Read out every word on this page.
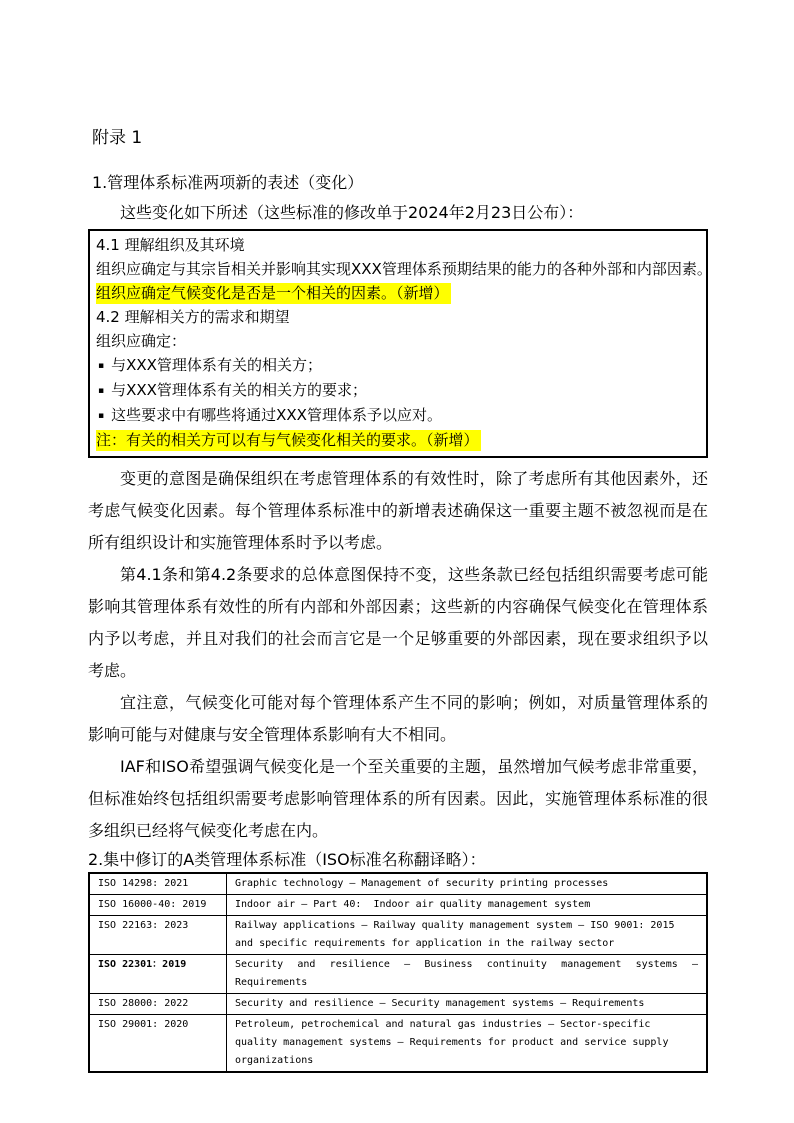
附录 1
1.管理体系标准两项新的表述（变化）

这些变化如下所述（这些标准的修改单于2024年2月23日公布）：

4.1 理解组织及其环境
组织应确定与其宗旨相关并影响其实现XXX管理体系预期结果的能力的各种外部和内部因素。
组织应确定气候变化是否是一个相关的因素。（新增）
4.2 理解相关方的需求和期望
组织应确定：
▪ 与XXX管理体系有关的相关方；
▪ 与XXX管理体系有关的相关方的要求；
▪ 这些要求中有哪些将通过XXX管理体系予以应对。
注：有关的相关方可以有与气候变化相关的要求。（新增）

变更的意图是确保组织在考虑管理体系的有效性时，除了考虑所有其他因素外，还考虑气候变化因素。每个管理体系标准中的新增表述确保这一重要主题不被忽视而是在所有组织设计和实施管理体系时予以考虑。

第4.1条和第4.2条要求的总体意图保持不变，这些条款已经包括组织需要考虑可能影响其管理体系有效性的所有内部和外部因素；这些新的内容确保气候变化在管理体系内予以考虑，并且对我们的社会而言它是一个足够重要的外部因素，现在要求组织予以考虑。

宜注意，气候变化可能对每个管理体系产生不同的影响；例如，对质量管理体系的影响可能与对健康与安全管理体系影响有大不相同。

IAF和ISO希望强调气候变化是一个至关重要的主题，虽然增加气候考虑非常重要，但标准始终包括组织需要考虑影响管理体系的所有因素。因此，实施管理体系标准的很多组织已经将气候变化考虑在内。

2.集中修订的A类管理体系标准（ISO标准名称翻译略）：
ISO 14298: 2021	Graphic technology — Management of security printing processes
ISO 16000-40: 2019	Indoor air — Part 40:  Indoor air quality management system
ISO 22163: 2023	Railway applications — Railway quality management system — ISO 9001: 2015 and specific requirements for application in the railway sector
ISO 22301：2019	Security and resilience — Business continuity management systems — Requirements
ISO 28000: 2022	Security and resilience — Security management systems — Requirements
ISO 29001: 2020	Petroleum, petrochemical and natural gas industries — Sector-specific quality management systems — Requirements for product and service supply organizations
